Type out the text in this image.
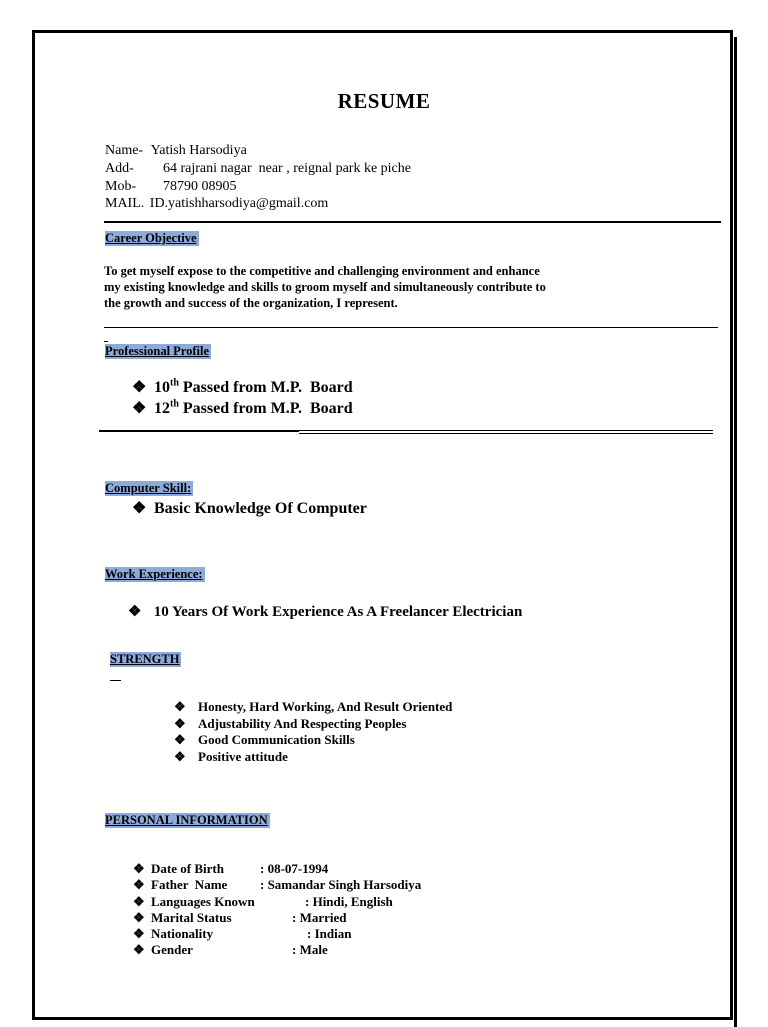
RESUME
Name- Yatish Harsodiya
Add- 64 rajrani nagar  near , reignal park ke piche
Mob- 78790 08905
MAIL. ID.yatishharsodiya@gmail.com
Career Objective
To get myself expose to the competitive and challenging environment and enhance
my existing knowledge and skills to groom myself and simultaneously contribute to
the growth and success of the organization, I represent.
Professional Profile
❖ 10th Passed from M.P.  Board
❖ 12th Passed from M.P.  Board
Computer Skill:
❖ Basic Knowledge Of Computer
Work Experience:
❖ 10 Years Of Work Experience As A Freelancer Electrician
STRENGTH
❖ Honesty, Hard Working, And Result Oriented
❖ Adjustability And Respecting Peoples
❖ Good Communication Skills
❖ Positive attitude
PERSONAL INFORMATION
❖ Date of Birth	: 08-07-1994
❖ Father  Name	: Samandar Singh Harsodiya
❖ Languages Known	: Hindi, English
❖ Marital Status	: Married
❖ Nationality	: Indian
❖ Gender	: Male
